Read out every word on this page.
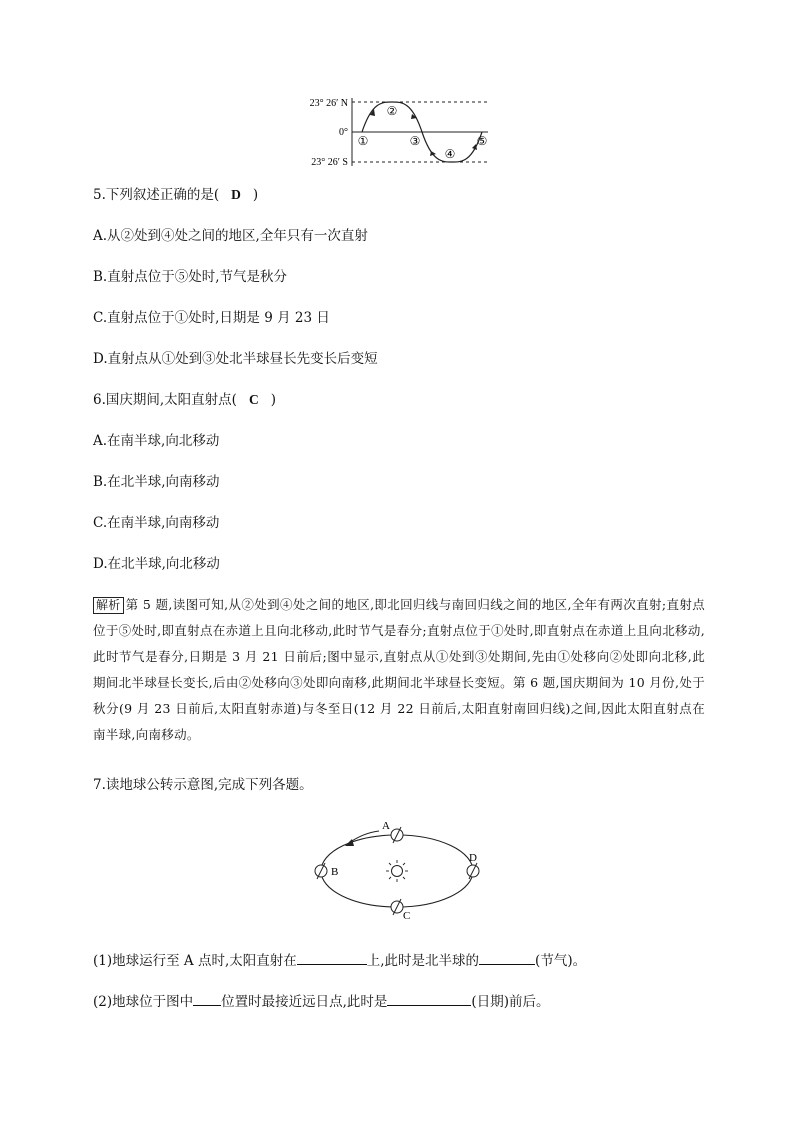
23° 26′ N
0°
23° 26′ S
①
②
③
④
⑤
5.下列叙述正确的是( D )
A.从②处到④处之间的地区,全年只有一次直射
B.直射点位于⑤处时,节气是秋分
C.直射点位于①处时,日期是 9 月 23 日
D.直射点从①处到③处北半球昼长先变长后变短
6.国庆期间,太阳直射点( C )
A.在南半球,向北移动
B.在北半球,向南移动
C.在南半球,向南移动
D.在北半球,向北移动
解析 第 5 题,读图可知,从②处到④处之间的地区,即北回归线与南回归线之间的地区,全年有两次直射;直射点位于⑤处时,即直射点在赤道上且向北移动,此时节气是春分;直射点位于①处时,即直射点在赤道上且向北移动,此时节气是春分,日期是 3 月 21 日前后;图中显示,直射点从①处到③处期间,先由①处移向②处即向北移,此期间北半球昼长变长,后由②处移向③处即向南移,此期间北半球昼长变短。第 6 题,国庆期间为 10 月份,处于秋分(9 月 23 日前后,太阳直射赤道)与冬至日(12 月 22 日前后,太阳直射南回归线)之间,因此太阳直射点在南半球,向南移动。
7.读地球公转示意图,完成下列各题。
A
B
C
D
(1)地球运行至 A 点时,太阳直射在	上,此时是北半球的	(节气)。
(2)地球位于图中 位置时最接近远日点,此时是	(日期)前后。
